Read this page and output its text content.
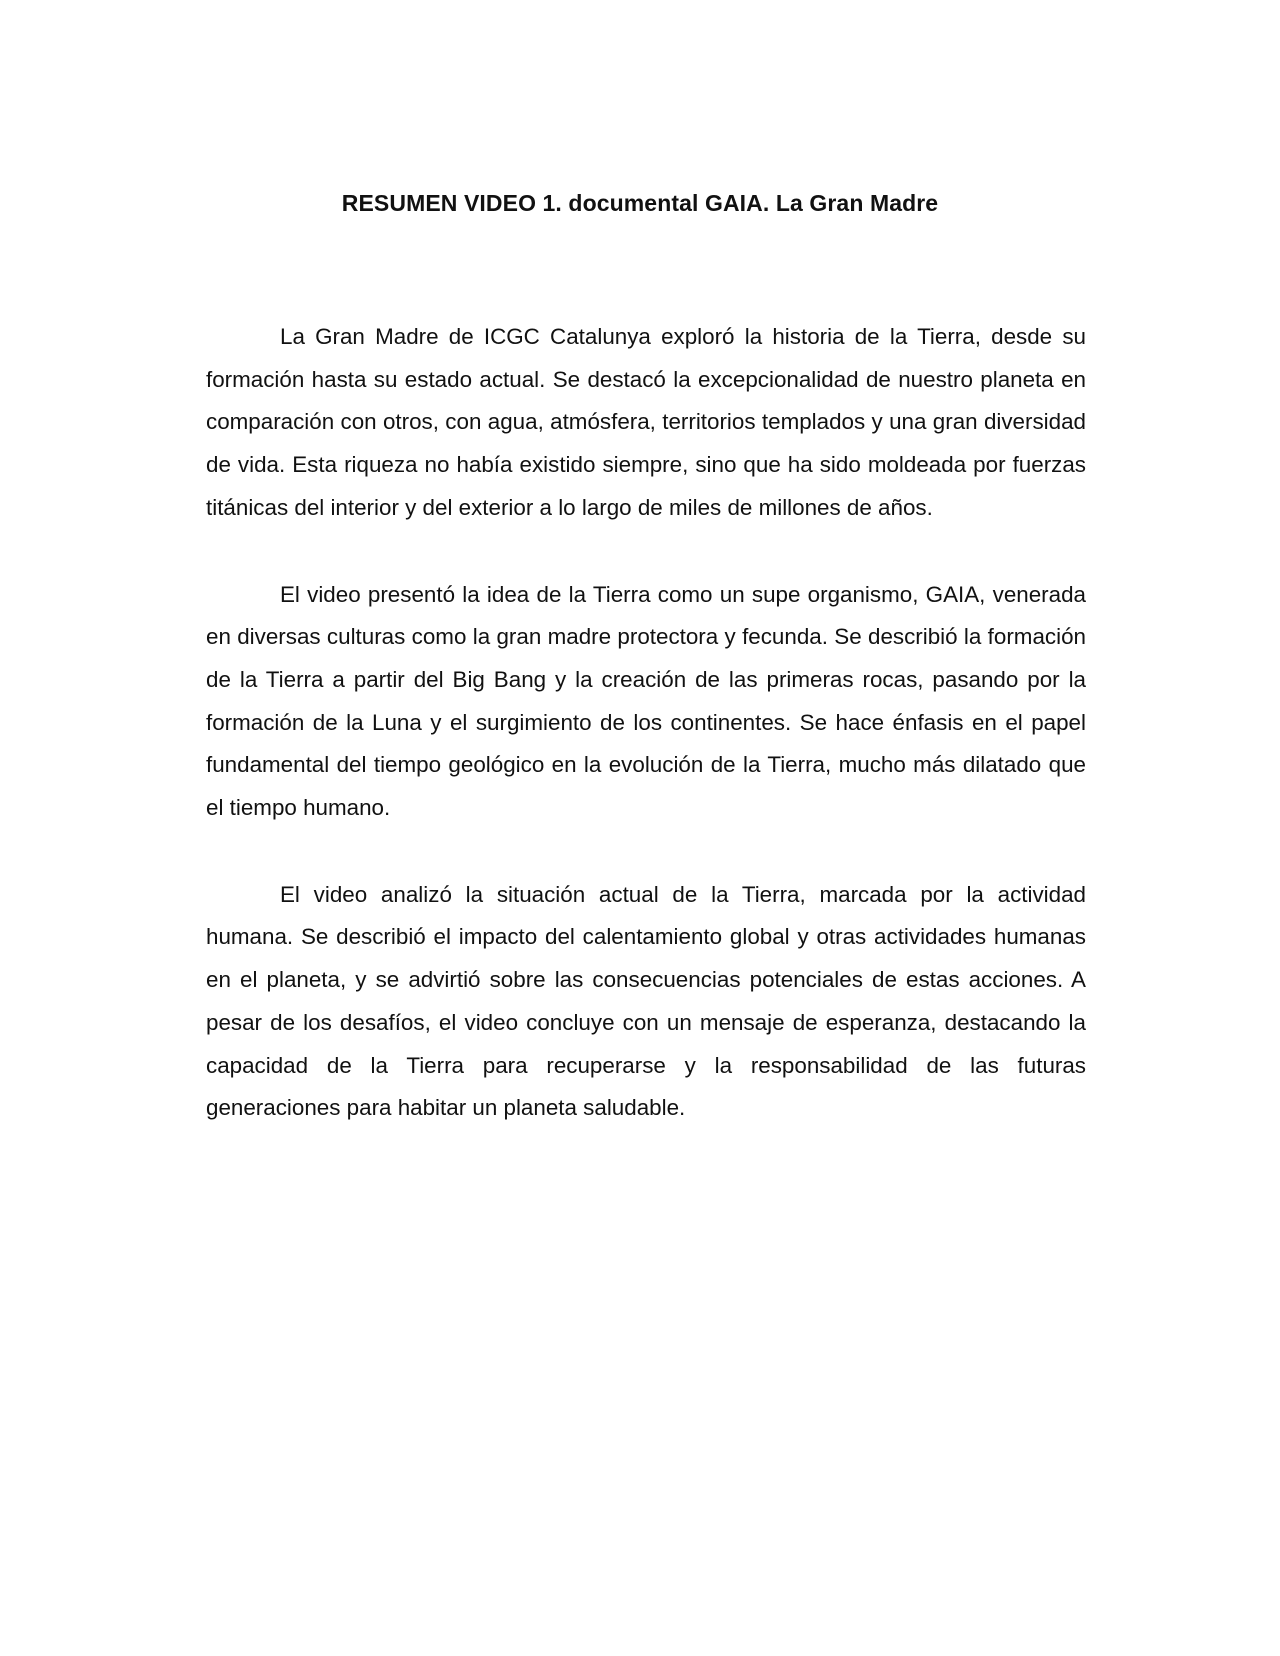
RESUMEN VIDEO 1. documental GAIA. La Gran Madre

La Gran Madre de ICGC Catalunya exploró la historia de la Tierra, desde su formación hasta su estado actual. Se destacó la excepcionalidad de nuestro planeta en comparación con otros, con agua, atmósfera, territorios templados y una gran diversidad de vida. Esta riqueza no había existido siempre, sino que ha sido moldeada por fuerzas titánicas del interior y del exterior a lo largo de miles de millones de años.

El video presentó la idea de la Tierra como un supe organismo, GAIA, venerada en diversas culturas como la gran madre protectora y fecunda. Se describió la formación de la Tierra a partir del Big Bang y la creación de las primeras rocas, pasando por la formación de la Luna y el surgimiento de los continentes. Se hace énfasis en el papel fundamental del tiempo geológico en la evolución de la Tierra, mucho más dilatado que el tiempo humano.

El video analizó la situación actual de la Tierra, marcada por la actividad humana. Se describió el impacto del calentamiento global y otras actividades humanas en el planeta, y se advirtió sobre las consecuencias potenciales de estas acciones. A pesar de los desafíos, el video concluye con un mensaje de esperanza, destacando la capacidad de la Tierra para recuperarse y la responsabilidad de las futuras generaciones para habitar un planeta saludable.
